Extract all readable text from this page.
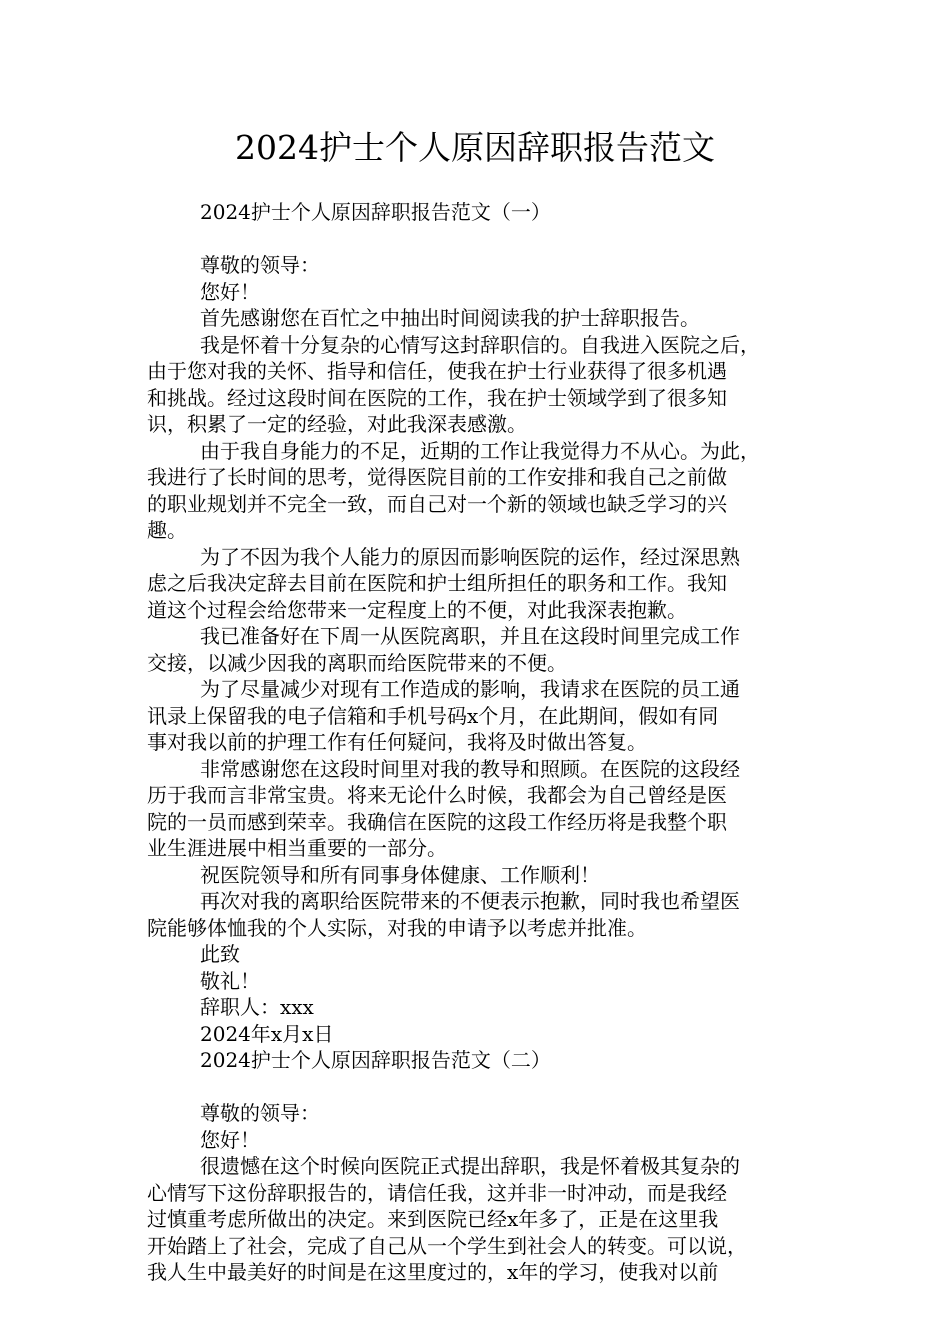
2024护士个人原因辞职报告范文
2024护士个人原因辞职报告范文（一）
尊敬的领导：
您好！
首先感谢您在百忙之中抽出时间阅读我的护士辞职报告。
我是怀着十分复杂的心情写这封辞职信的。自我进入医院之后，
由于您对我的关怀、指导和信任，使我在护士行业获得了很多机遇
和挑战。经过这段时间在医院的工作，我在护士领域学到了很多知
识，积累了一定的经验，对此我深表感激。
由于我自身能力的不足，近期的工作让我觉得力不从心。为此，
我进行了长时间的思考，觉得医院目前的工作安排和我自己之前做
的职业规划并不完全一致，而自己对一个新的领域也缺乏学习的兴
趣。
为了不因为我个人能力的原因而影响医院的运作，经过深思熟
虑之后我决定辞去目前在医院和护士组所担任的职务和工作。我知
道这个过程会给您带来一定程度上的不便，对此我深表抱歉。
我已准备好在下周一从医院离职，并且在这段时间里完成工作
交接，以减少因我的离职而给医院带来的不便。
为了尽量减少对现有工作造成的影响，我请求在医院的员工通
讯录上保留我的电子信箱和手机号码x个月，在此期间，假如有同
事对我以前的护理工作有任何疑问，我将及时做出答复。
非常感谢您在这段时间里对我的教导和照顾。在医院的这段经
历于我而言非常宝贵。将来无论什么时候，我都会为自己曾经是医
院的一员而感到荣幸。我确信在医院的这段工作经历将是我整个职
业生涯进展中相当重要的一部分。
祝医院领导和所有同事身体健康、工作顺利！
再次对我的离职给医院带来的不便表示抱歉，同时我也希望医
院能够体恤我的个人实际，对我的申请予以考虑并批准。
此致
敬礼！
辞职人：xxx
2024年x月x日
2024护士个人原因辞职报告范文（二）
尊敬的领导：
您好！
很遗憾在这个时候向医院正式提出辞职，我是怀着极其复杂的
心情写下这份辞职报告的，请信任我，这并非一时冲动，而是我经
过慎重考虑所做出的决定。来到医院已经x年多了，正是在这里我
开始踏上了社会，完成了自己从一个学生到社会人的转变。可以说，
我人生中最美好的时间是在这里度过的，x年的学习，使我对以前
